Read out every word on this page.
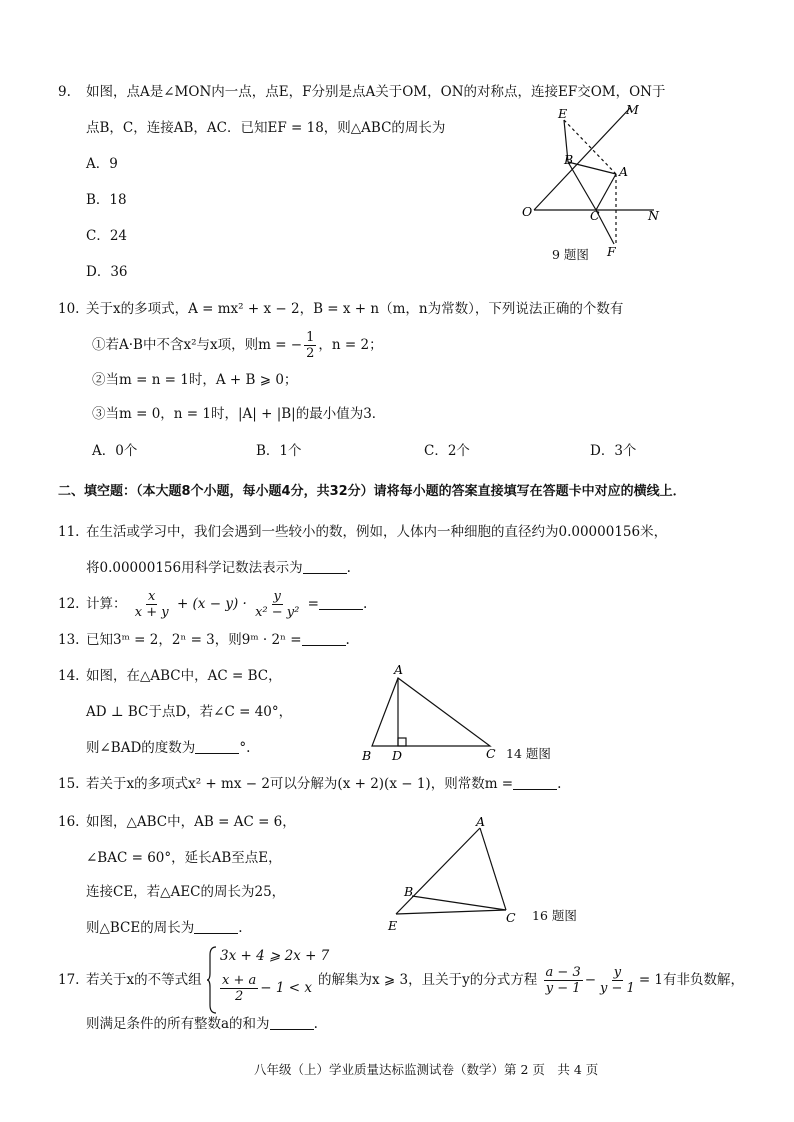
9. 如图，点A是∠MON内一点，点E，F分别是点A关于OM，ON的对称点，连接EF交OM，ON于
点B，C，连接AB，AC．已知EF = 18，则△ABC的周长为
A．9
B．18
C．24
D．36
E	M
B
A
O	C	N
F
9 题图
10. 关于x的多项式，A = mx² + x − 2，B = x + n（m，n为常数），下列说法正确的个数有
①若A·B中不含x²与x项，则m = − $\frac{1}{2}$ ，n = 2；
②当m = n = 1时，A + B ⩾ 0；
③当m = 0，n = 1时，|A| + |B|的最小值为3．
A．0个	B．1个	C．2个	D．3个
二、填空题：（本大题8个小题，每小题4分，共32分）请将每小题的答案直接填写在答题卡中对应的横线上．
11. 在生活或学习中，我们会遇到一些较小的数，例如，人体内一种细胞的直径约为0.00000156米，
将0.00000156用科学记数法表示为	.
12. 计算： $\frac{x}{x + y} + (x - y) \cdot \frac{y}{\text{x² − y²}}$ =	.
13. 已知3ᵐ = 2，2ⁿ = 3，则9ᵐ · 2ⁿ =	.
14. 如图，在△ABC中，AC = BC，
AD ⊥ BC于点D，若∠C = 40°，
则∠BAD的度数为	°.
A
B D	C 14 题图
15. 若关于x的多项式x² + mx − 2可以分解为(x + 2)(x − 1)，则常数m =	.
16. 如图，△ABC中，AB = AC = 6，
∠BAC = 60°，延长AB至点E，
连接CE，若△AEC的周长为25，
则△BCE的周长为	.
A
B
E
C 16 题图
17. 若关于x的不等式组
3x + 4 ⩾ 2x + 7
$\frac{x + a}{2} - 1 < x$ 的解集为x ⩾ 3，且关于y的分式方程 $\frac{a - 3}{y - 1} - \frac{y}{y - 1} = 1$有非负数解，
则满足条件的所有整数a的和为	.
八年级（上）学业质量达标监测试卷（数学）第 2 页　共 4 页
